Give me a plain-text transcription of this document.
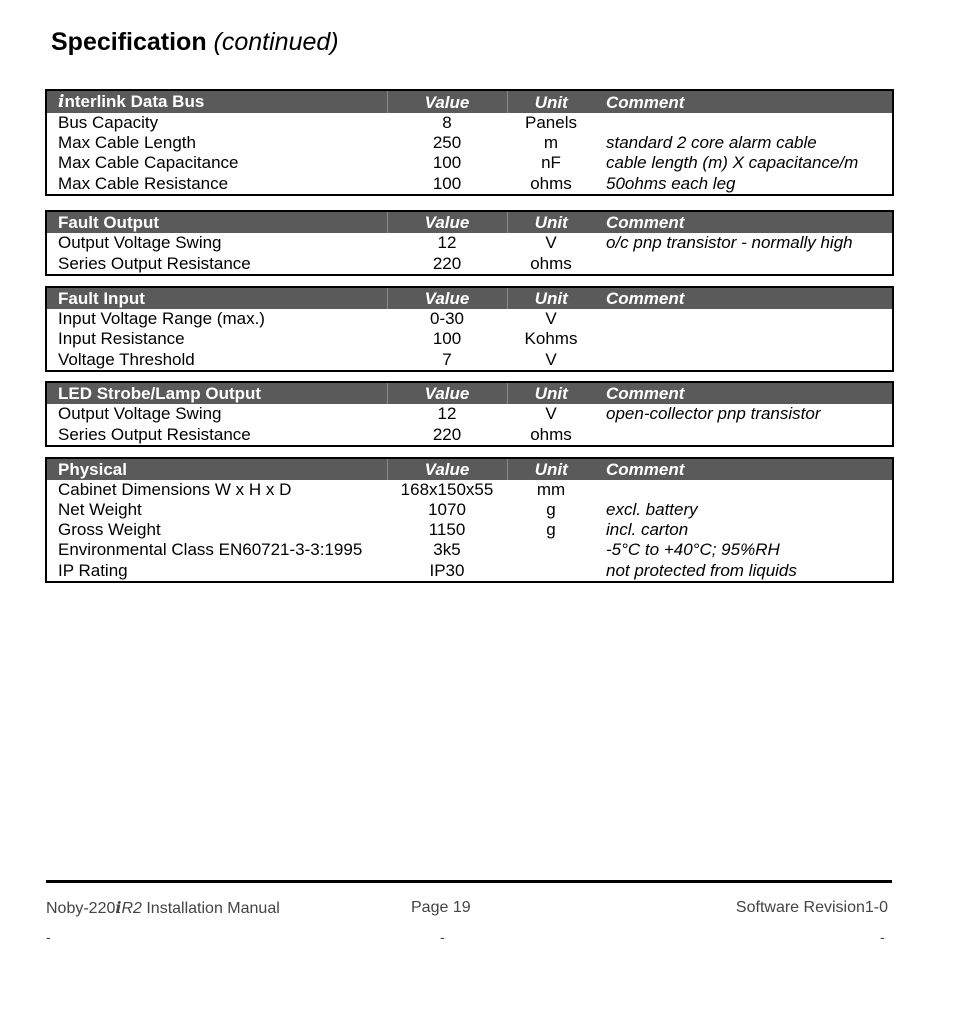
Specification (continued)
interlink Data Bus	Value	Unit	Comment
Bus Capacity	8	Panels	
Max Cable Length	250	m	standard 2 core alarm cable
Max Cable Capacitance	100	nF	cable length (m) X capacitance/m
Max Cable Resistance	100	ohms	50ohms each leg
Fault Output	Value	Unit	Comment
Output Voltage Swing	12	V	o/c pnp transistor - normally high
Series Output Resistance	220	ohms	
Fault Input	Value	Unit	Comment
Input Voltage Range (max.)	0-30	V	
Input Resistance	100	Kohms	
Voltage Threshold	7	V	
LED Strobe/Lamp Output	Value	Unit	Comment
Output Voltage Swing	12	V	open-collector pnp transistor
Series Output Resistance	220	ohms	
Physical	Value	Unit	Comment
Cabinet Dimensions W x H x D	168x150x55	mm	
Net Weight	1070	g	excl. battery
Gross Weight	1150	g	incl. carton
Environmental Class EN60721-3-3:1995	3k5		-5°C to +40°C; 95%RH
IP Rating	IP30		not protected from liquids
Noby-220iR2 Installation Manual	Page 19	Software Revision1-0
-	-	-
